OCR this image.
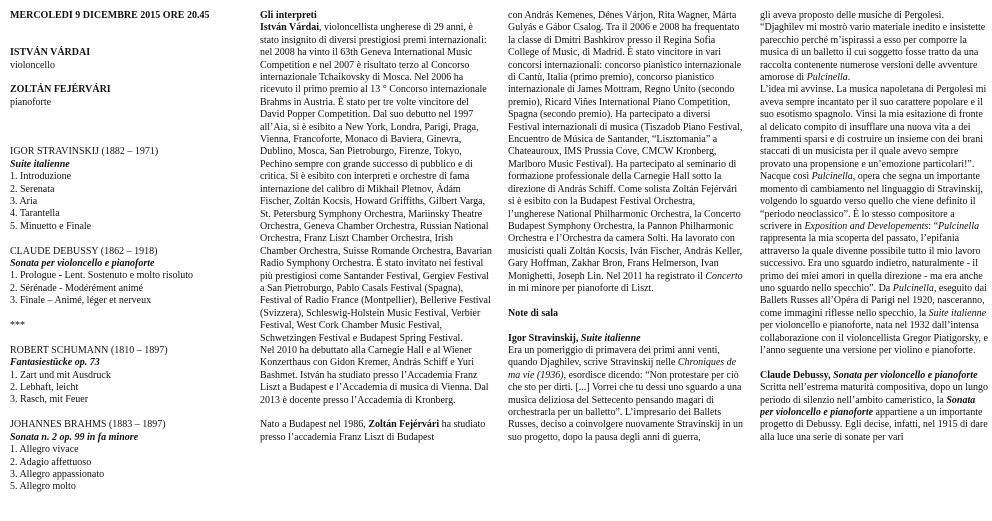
MERCOLEDÌ 9 DICEMBRE 2015 ORE 20.45

ISTVÁN VÁRDAI

violoncello

ZOLTÁN FEJÉRVÁRI

pianoforte

IGOR STRAVINSKIJ (1882 – 1971)

Suite italienne

1. Introduzione

2. Serenata

3. Aria

4. Tarantella

5. Minuetto e Finale

CLAUDE DEBUSSY (1862 – 1918)

Sonata per violoncello e pianoforte

1. Prologue - Lent. Sostenuto e molto risoluto

2. Sérénade - Modérément animé

3. Finale – Animé, léger et nerveux

***

ROBERT SCHUMANN (1810 – 1897)

Fantasiestücke op. 73

1. Zart und mit Ausdruck

2. Lebhaft, leicht

3. Rasch, mit Feuer

JOHANNES BRAHMS (1883 – 1897)

Sonata n. 2 op. 99 in fa minore

1. Allegro vivace

2. Adagio affettuoso

3. Allegro appassionato

5. Allegro molto

Gli interpreti

István Várdai, violoncellista ungherese di 29 anni, è stato insignito di diversi prestigiosi premi internazionali: nel 2008 ha vinto il 63th Geneva International Music Competition e nel 2007 è risultato terzo al Concorso internazionale Tchaikovsky di Mosca. Nel 2006 ha ricevuto il primo premio al 13 ° Concorso internazionale Brahms in Austria. È stato per tre volte vincitore del David Popper Competition. Dal suo debutto nel 1997 all’Aia, si è esibito a New York, Londra, Parigi, Praga, Vienna, Francoforte, Monaco di Baviera, Ginevra, Dublino, Mosca, San Pietroburgo, Firenze, Tokyo, Pechino sempre con grande successo di pubblico e di critica. Si è esibito con interpreti e orchestre di fama internazione del calibro di Mikhail Pletnov, Ádám Fischer, Zoltán Kocsis, Howard Griffiths, Gilbert Varga, St. Petersburg Symphony Orchestra, Mariinsky Theatre Orchestra, Geneva Chamber Orchestra, Russian National Orchestra, Franz Liszt Chamber Orchestra, Irish Chamber Orchestra, Suisse Romande Orchestra, Bavarian Radio Symphony Orchestra. È stato invitato nei festival più prestigiosi come Santander Festival, Gergiev Festival a San Pietroburgo, Pablo Casals Festival (Spagna), Festival of Radio France (Montpellier), Bellerive Festival (Svizzera), Schleswig-Holstein Music Festival, Verbier Festival, West Cork Chamber Music Festival, Schwetzingen Festival e Budapest Spring Festival.

Nel 2010 ha debuttato alla Carnegie Hall e al Wiener Konzerthaus con Gidon Kremer, András Schiff e Yuri Bashmet. István ha studiato presso l’Accademia Franz Liszt a Budapest e l’Accademia di musica di Vienna. Dal 2013 è docente presso l’Accademia di Kronberg.

Nato a Budapest nel 1986, Zoltán Fejérvári ha studiato presso l’accademia Franz Liszt di Budapest

con András Kemenes, Dénes Várjon, Rita Wagner, Márta Gulyás e Gábor Csalog. Tra il 2006 e 2008 ha frequentato la classe di Dmitri Bashkirov presso il Regina Sofia College of Music, di Madrid. È stato vincitore in vari concorsi internazionali: concorso pianistico internazionale di Cantù, Italia (primo premio), concorso pianistico internazionale di James Mottram, Regno Unito (secondo premio), Ricard Viñes International Piano Competition, Spagna (secondo premio). Ha partecipato a diversi Festival internazionali di musica (Tiszadob Piano Festival, Encuentro de Música de Santander, “Lisztomania” a Chateauroux, IMS Prussia Cove, CMCW Kronberg, Marlboro Music Festival). Ha partecipato al seminario di formazione professionale della Carnegie Hall sotto la direzione di András Schiff. Come solista Zoltán Fejérvári si è esibito con la Budapest Festival Orchestra, l’ungherese National Philharmonic Orchestra, la Concerto Budapest Symphony Orchestra, la Pannon Philharmonic Orchestra e l’Orchestra da camera Solti. Ha lavorato con musicisti quali Zoltán Kocsis, Iván Fischer, András Keller, Gary Hoffman, Zakhar Bron, Frans Helmerson, Ivan Monighetti, Joseph Lin. Nel 2011 ha registrato il Concerto in mi minore per pianoforte di Liszt.

Note di sala

Igor Stravinskij, Suite italienne

Era un pomeriggio di primavera dei primi anni venti, quando Djaghilev, scrive Stravinskij nelle Chroniques de ma vie (1936), esordisce dicendo: “Non protestare per ciò che sto per dirti. [...] Vorrei che tu dessi uno sguardo a una musica deliziosa del Settecento pensando magari di orchestrarla per un balletto”. L’impresario dei Ballets Russes, deciso a coinvolgere nuovamente Stravinskij in un suo progetto, dopo la pausa degli anni di guerra,

gli aveva proposto delle musiche di Pergolesi. “Djaghilev mi mostrò vario materiale inedito e insistette parecchio perché m’ispirassi a esso per comporre la musica di un balletto il cui soggetto fosse tratto da una raccolta contenente numerose versioni delle avventure amorose di Pulcinella.

L’idea mi avvinse. La musica napoletana di Pergolesi mi aveva sempre incantato per il suo carattere popolare e il suo esotismo spagnolo. Vinsi la mia esitazione di fronte al delicato compito di insufflare una nuova vita a dei frammenti sparsi e di costruire un insieme con dei brani staccati di un musicista per il quale avevo sempre provato una propensione e un’emozione particolari!”.

Nacque così Pulcinella, opera che segna un importante momento di cambiamento nel linguaggio di Stravinskij, volgendo lo sguardo verso quello che viene definito il “periodo neoclassico”. È lo stesso compositore a scrivere in Exposition and Developements: “Pulcinella rappresenta la mia scoperta del passato, l’epifania attraverso la quale divenne possibile tutto il mio lavoro successivo. Era uno sguardo indietro, naturalmente - il primo dei miei amori in quella direzione - ma era anche uno sguardo nello specchio”. Da Pulcinella, eseguito dai Ballets Russes all’Opéra di Parigi nel 1920, nasceranno, come immagini riflesse nello specchio, la Suite italienne per violoncello e pianoforte, nata nel 1932 dall’intensa collaborazione con il violoncellista Gregor Piatigorsky, e l’anno seguente una versione per violino e pianoforte.

Claude Debussy, Sonata per violoncello e pianoforte

Scritta nell’estrema maturità compositiva, dopo un lungo periodo di silenzio nell’ambito cameristico, la Sonata per violoncello e pianoforte appartiene a un importante progetto di Debussy. Egli decise, infatti, nel 1915 di dare alla luce una serie di sonate per vari
